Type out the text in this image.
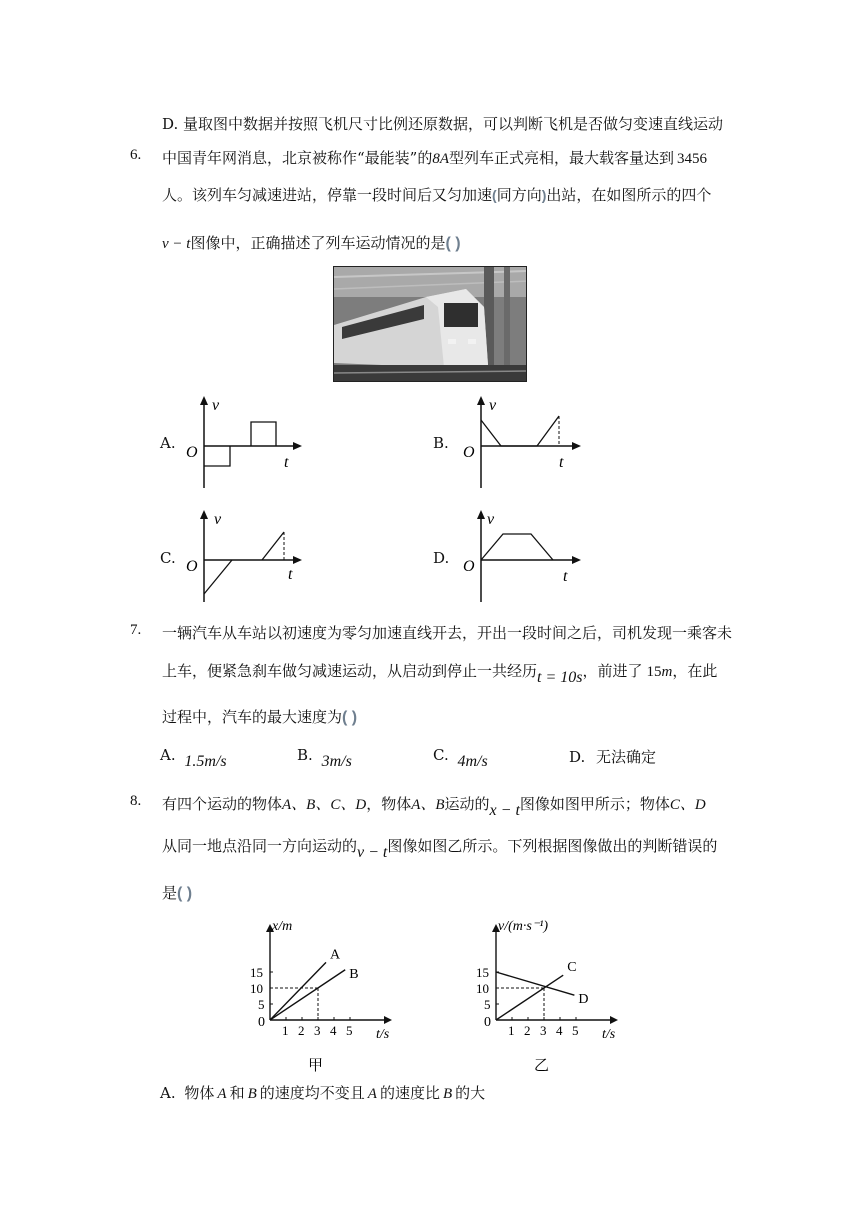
D. 量取图中数据并按照飞机尺寸比例还原数据，可以判断飞机是否做匀变速直线运动
6. 中国青年网消息，北京被称作“最能装”的8A型列车正式亮相，最大载客量达到 3456
人。该列车匀减速进站，停靠一段时间后又匀加速(同方向)出站，在如图所示的四个
v − t图像中，正确描述了列车运动情况的是( )
A.
v
O
t
B.
v
O
t
C.
v
O	t
D.
v
O
t
7. 一辆汽车从车站以初速度为零匀加速直线开去，开出一段时间之后，司机发现一乘客未
上车，便紧急刹车做匀减速运动，从启动到停止一共经历t = 10s，前进了 15m，在此
过程中，汽车的最大速度为( )
A. 1.5m/s	B. 3m/s	C. 4m/s	D. 无法确定
8. 有四个运动的物体A、B、C、D，物体A、B运动的x − t图像如图甲所示；物体C、D
从同一地点沿同一方向运动的v − t图像如图乙所示。下列根据图像做出的判断错误的
是( )
x/m
t/s
0
1 2 3 4 5
5
10
15
A
B
甲
v/(m·s⁻¹)
t/s
0
1 2 3 4 5
5
10
15	C
D
乙
A. 物体 A 和 B 的速度均不变且 A 的速度比 B 的大
